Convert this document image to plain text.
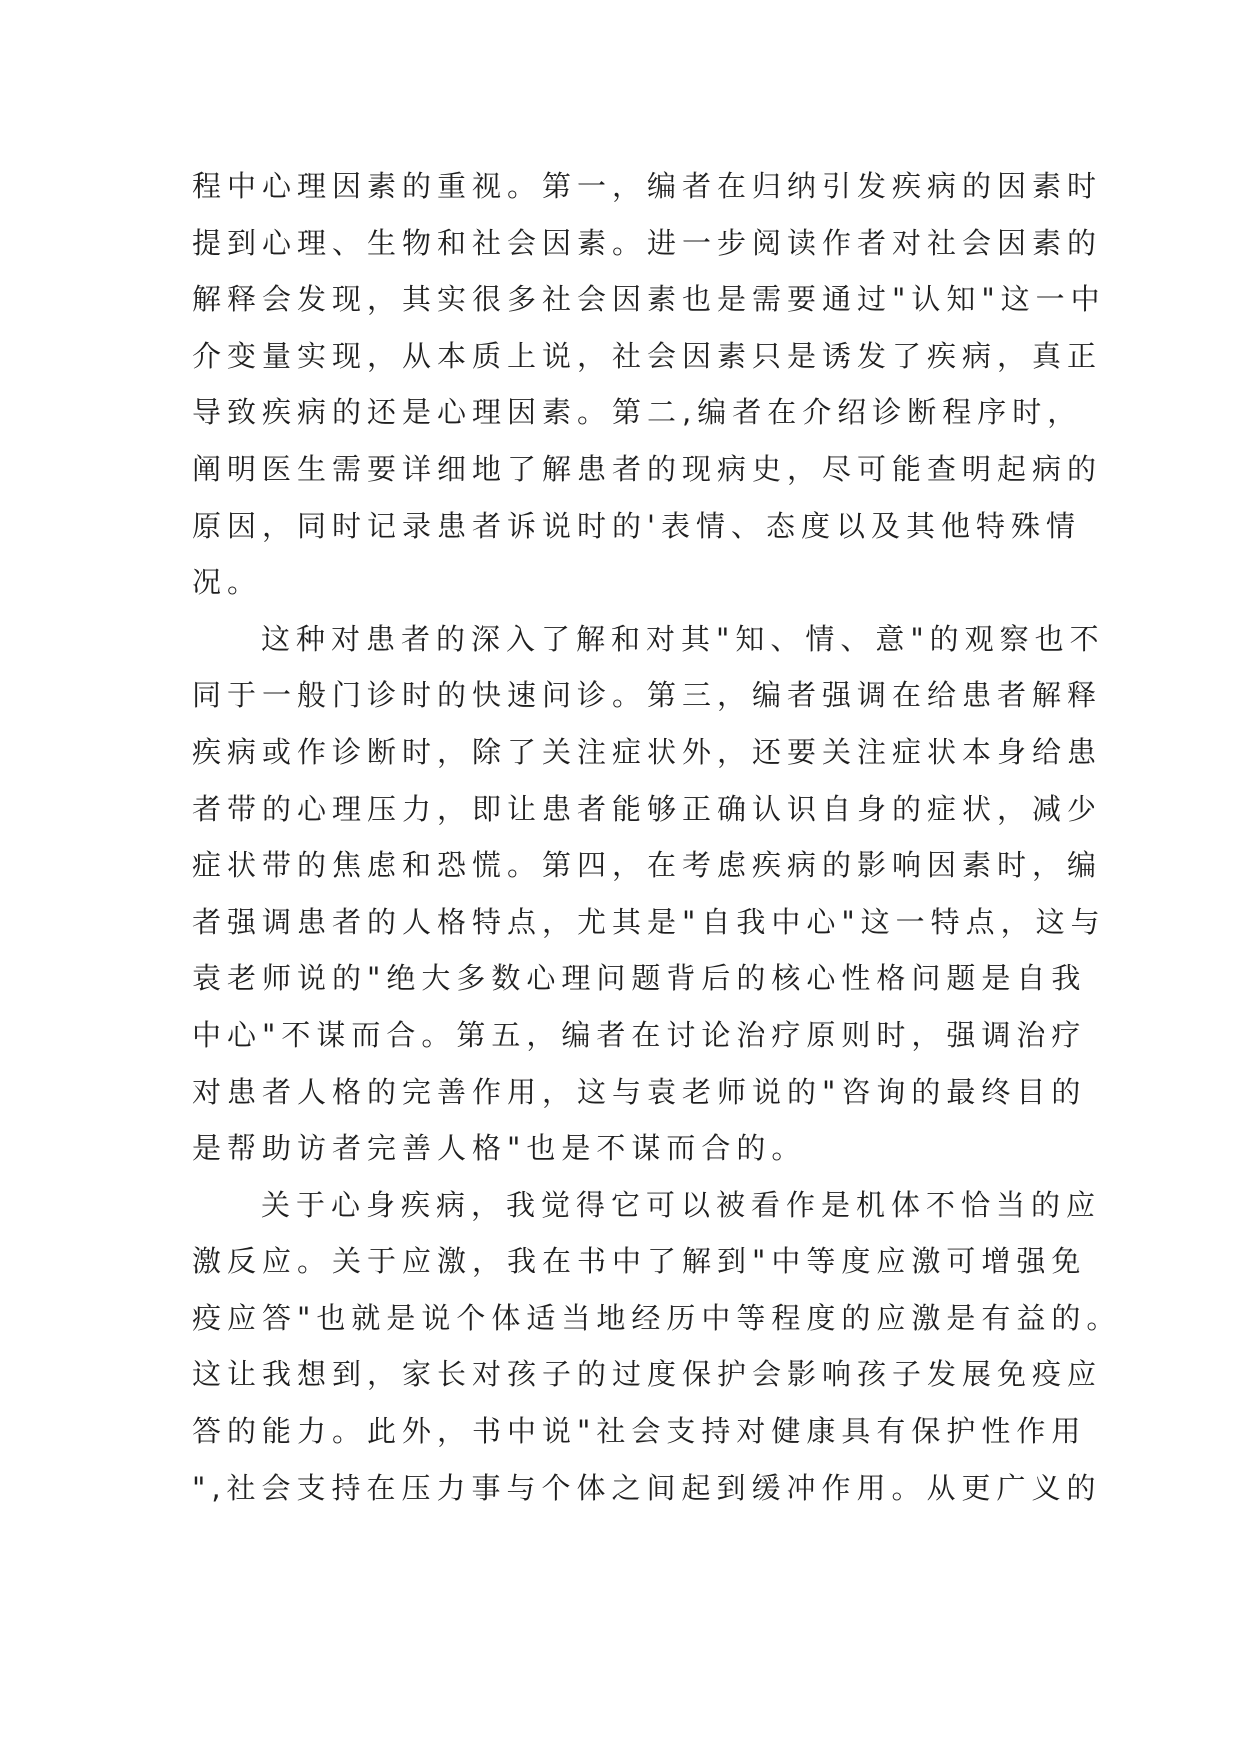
程中心理因素的重视。第一，编者在归纳引发疾病的因素时
提到心理、生物和社会因素。进一步阅读作者对社会因素的
解释会发现，其实很多社会因素也是需要通过"认知"这一中
介变量实现，从本质上说，社会因素只是诱发了疾病，真正
导致疾病的还是心理因素。第二,编者在介绍诊断程序时，
阐明医生需要详细地了解患者的现病史，尽可能查明起病的
原因，同时记录患者诉说时的'表情、态度以及其他特殊情
况。
这种对患者的深入了解和对其"知、情、意"的观察也不
同于一般门诊时的快速问诊。第三，编者强调在给患者解释
疾病或作诊断时，除了关注症状外，还要关注症状本身给患
者带的心理压力，即让患者能够正确认识自身的症状，减少
症状带的焦虑和恐慌。第四，在考虑疾病的影响因素时，编
者强调患者的人格特点，尤其是"自我中心"这一特点，这与
袁老师说的"绝大多数心理问题背后的核心性格问题是自我
中心"不谋而合。第五，编者在讨论治疗原则时，强调治疗
对患者人格的完善作用，这与袁老师说的"咨询的最终目的
是帮助访者完善人格"也是不谋而合的。
关于心身疾病，我觉得它可以被看作是机体不恰当的应
激反应。关于应激，我在书中了解到"中等度应激可增强免
疫应答"也就是说个体适当地经历中等程度的应激是有益的。
这让我想到，家长对孩子的过度保护会影响孩子发展免疫应
答的能力。此外，书中说"社会支持对健康具有保护性作用
",社会支持在压力事与个体之间起到缓冲作用。从更广义的
